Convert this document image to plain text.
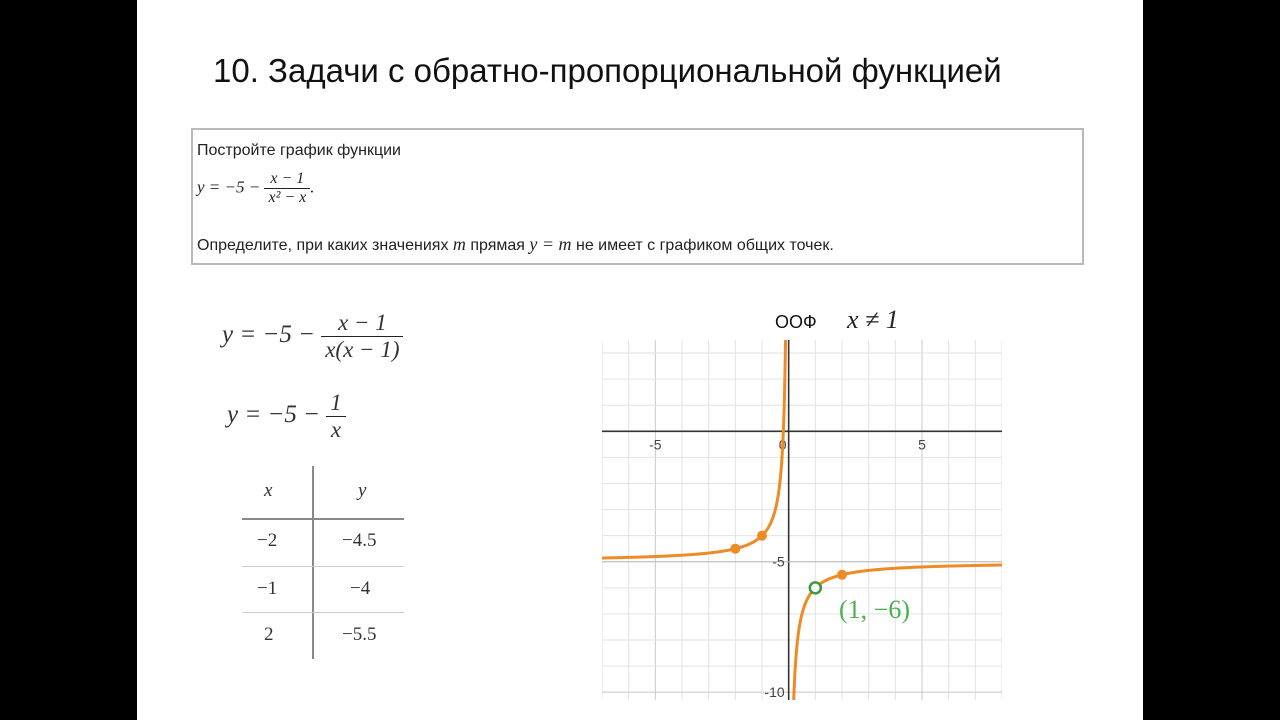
10. Задачи с обратно-пропорциональной функцией
Постройте график функции
$y = -5 - \frac{x - 1}{\text{x² − x}}$ .
Определите, при каких значениях m прямая y = m не имеет с графиком общих точек.
$y = -5 - \frac{x - 1}{x(x - 1)}$
$y = -5 - \frac{1}{x}$
x	y
−2	−4.5
−1	−4
2	−5.5
ООФ x ≠ 1
-5	0	5
-5
-10
(1, −6)
